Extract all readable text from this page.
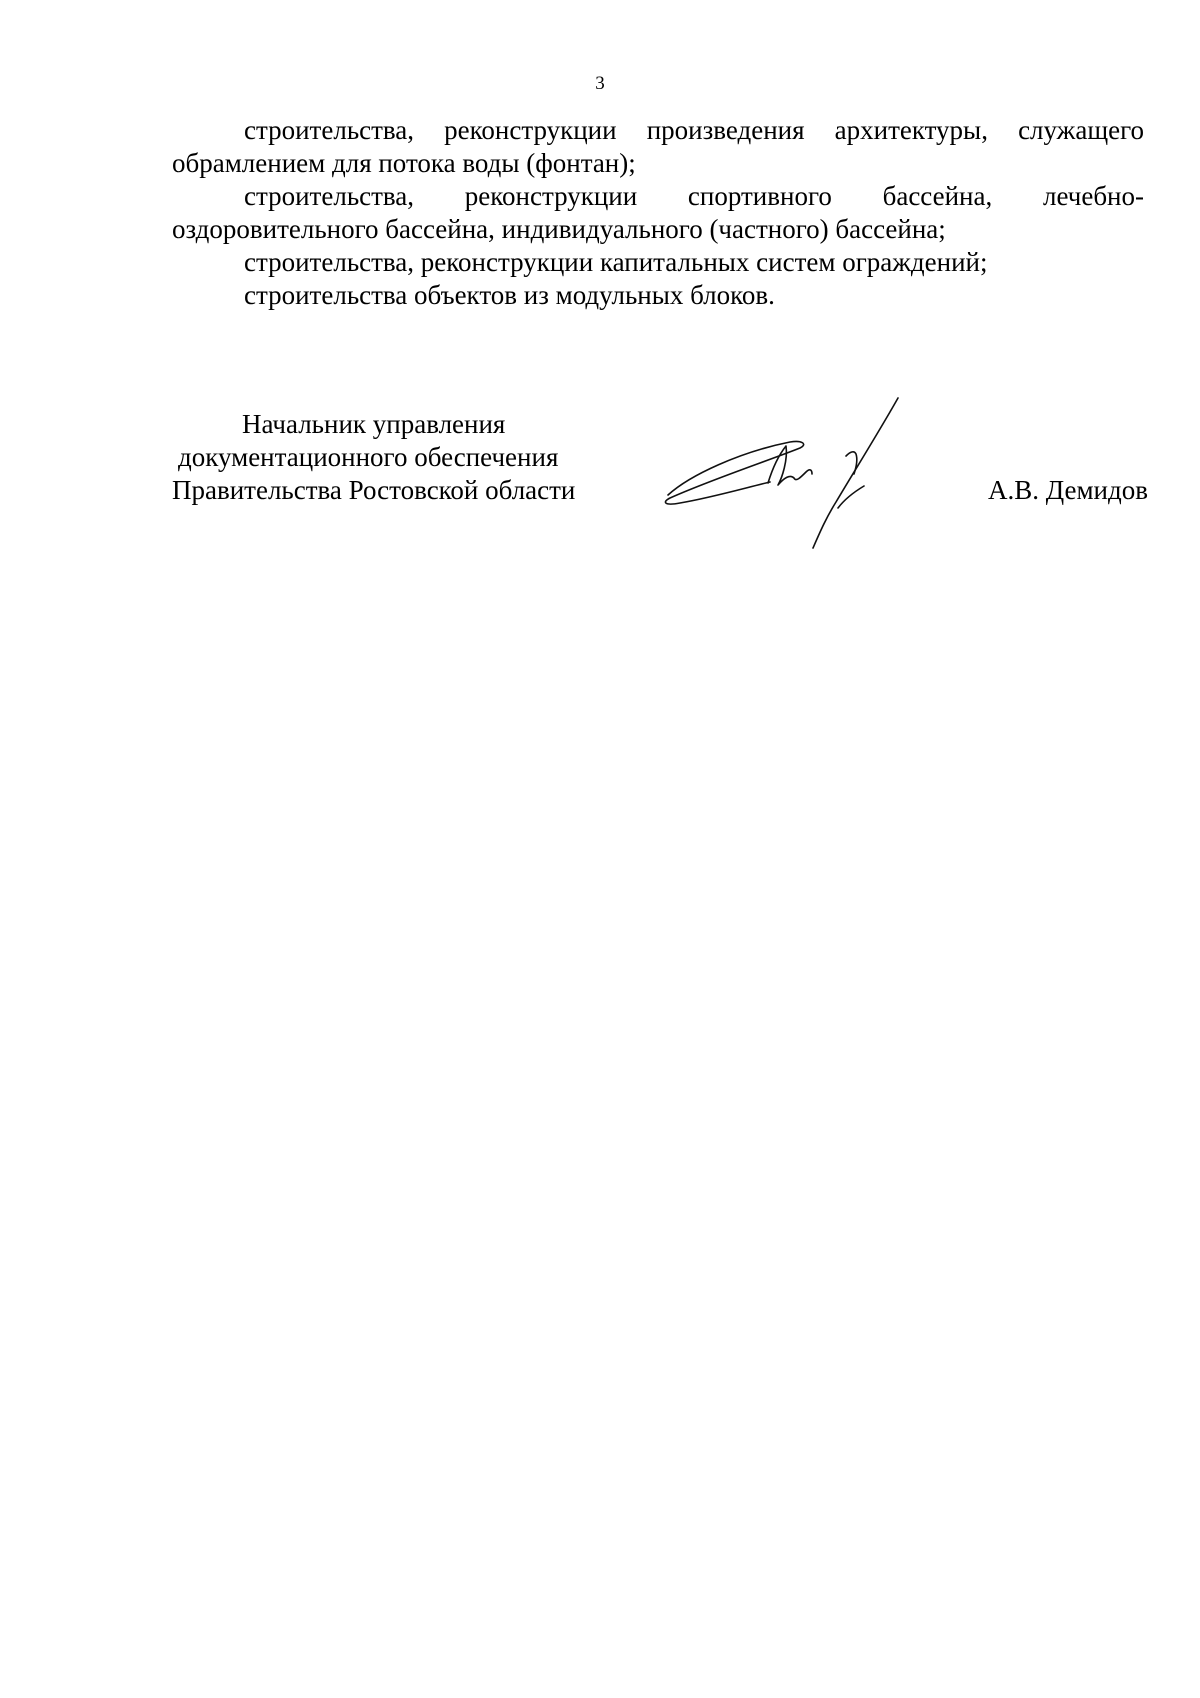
3

строительства, реконструкции произведения архитектуры, служащего обрамлением для потока воды (фонтан);

строительства, реконструкции спортивного бассейна, лечебно-оздоровительного бассейна, индивидуального (частного) бассейна;

строительства, реконструкции капитальных систем ограждений;

строительства объектов из модульных блоков.

Начальник управления
документационного обеспечения
Правительства Ростовской области	А.В. Демидов
